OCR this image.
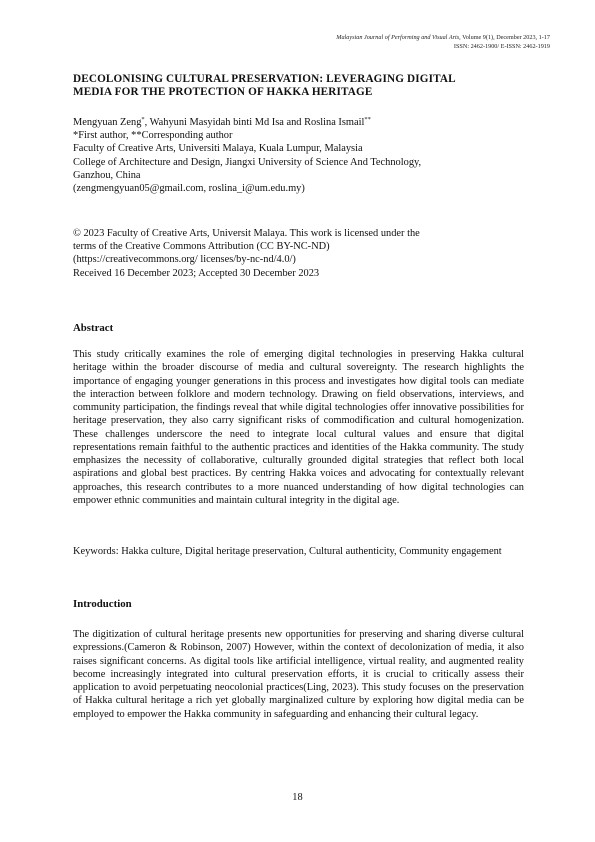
Malaysian Journal of Performing and Visual Arts, Volume 9(1), December 2023, 1-17
ISSN: 2462-1900/ E-ISSN: 2462-1919
DECOLONISING CULTURAL PRESERVATION: LEVERAGING DIGITAL
MEDIA FOR THE PROTECTION OF HAKKA HERITAGE
Mengyuan Zeng*, Wahyuni Masyidah binti Md Isa and Roslina Ismail**
*First author, **Corresponding author
Faculty of Creative Arts, Universiti Malaya, Kuala Lumpur, Malaysia
College of Architecture and Design, Jiangxi University of Science And Technology,
Ganzhou, China
(zengmengyuan05@gmail.com, roslina_i@um.edu.my)
© 2023 Faculty of Creative Arts, Universit Malaya. This work is licensed under the
terms of the Creative Commons Attribution (CC BY-NC-ND)
(https://creativecommons.org/ licenses/by-nc-nd/4.0/)
Received 16 December 2023; Accepted 30 December 2023
Abstract
This study critically examines the role of emerging digital technologies in preserving Hakka cultural heritage within the broader discourse of media and cultural sovereignty. The research highlights the importance of engaging younger generations in this process and investigates how digital tools can mediate the interaction between folklore and modern technology. Drawing on field observations, interviews, and community participation, the findings reveal that while digital technologies offer innovative possibilities for heritage preservation, they also carry significant risks of commodification and cultural homogenization. These challenges underscore the need to integrate local cultural values and ensure that digital representations remain faithful to the authentic practices and identities of the Hakka community. The study emphasizes the necessity of collaborative, culturally grounded digital strategies that reflect both local aspirations and global best practices. By centring Hakka voices and advocating for contextually relevant approaches, this research contributes to a more nuanced understanding of how digital technologies can empower ethnic communities and maintain cultural integrity in the digital age.
Keywords: Hakka culture, Digital heritage preservation, Cultural authenticity, Community engagement
Introduction
The digitization of cultural heritage presents new opportunities for preserving and sharing diverse cultural expressions.(Cameron & Robinson, 2007) However, within the context of decolonization of media, it also raises significant concerns. As digital tools like artificial intelligence, virtual reality, and augmented reality become increasingly integrated into cultural preservation efforts, it is crucial to critically assess their application to avoid perpetuating neocolonial practices(Ling, 2023). This study focuses on the preservation of Hakka cultural heritage a rich yet globally marginalized culture by exploring how digital media can be employed to empower the Hakka community in safeguarding and enhancing their cultural legacy.
18
